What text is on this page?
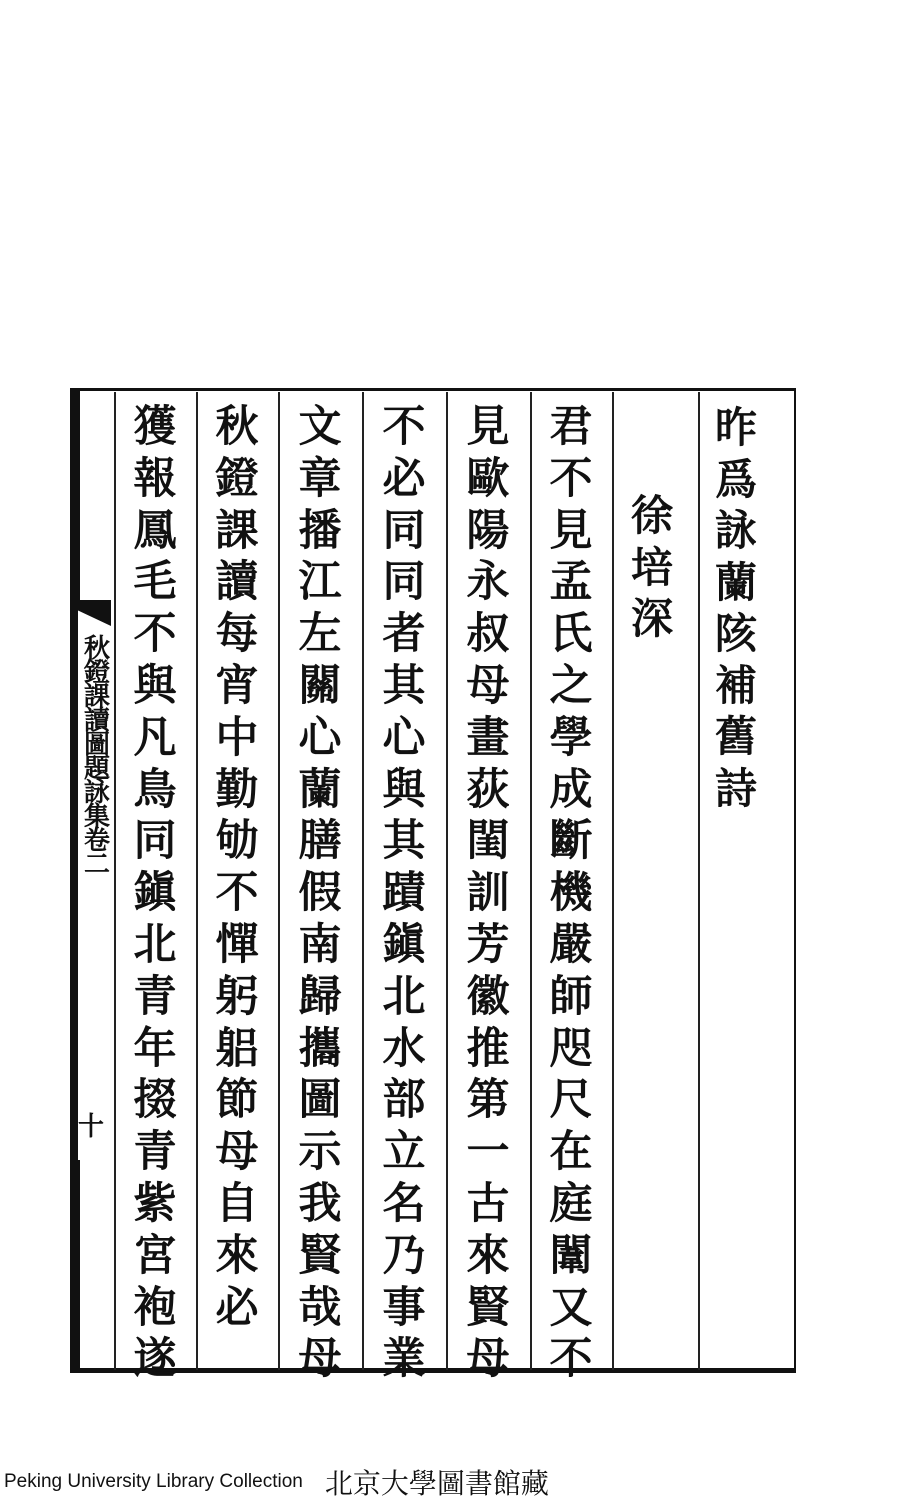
昨
爲
詠
蘭
陔
補
舊
詩
徐
培
深
君
不
見
孟
氏
之
學
成
斷
機
嚴
師
咫
尺
在
庭
闈
又
不
見
歐
陽
永
叔
母
畫
荻
閨
訓
芳
徽
推
第
一
古
來
賢
母
不
必
同
同
者
其
心
與
其
蹟
鎭
北
水
部
立
名
乃
事
業
文
章
播
江
左
關
心
蘭
膳
假
南
歸
攜
圖
示
我
賢
哉
母
秋
鐙
課
讀
每
宵
中
勤
劬
不
憚
躬
躳
節
母
自
來
必
獲
報
鳳
毛
不
與
凡
鳥
同
鎭
北
青
年
掇
青
紫
宮
袍
遂
秋鐙課讀圖題詠集卷二
十
Peking University Library Collection 北京大學圖書館藏
